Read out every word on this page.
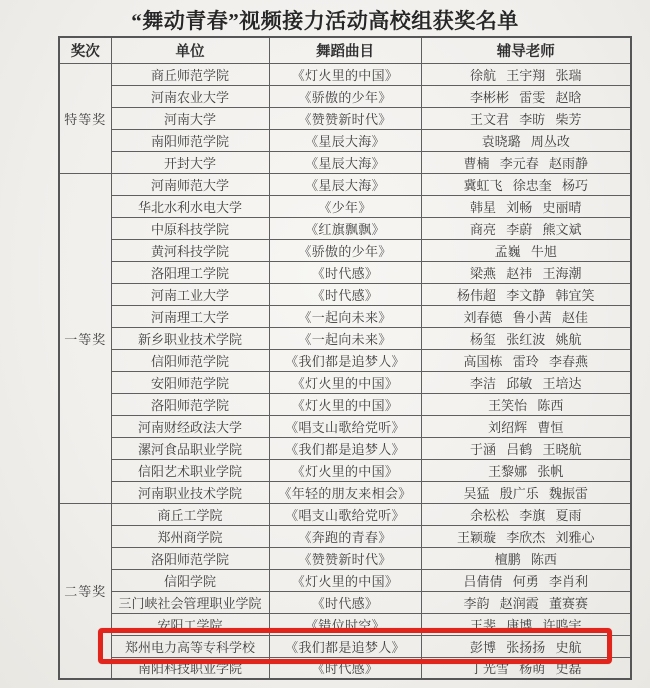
“舞动青春”视频接力活动高校组获奖名单
奖次	单位	舞蹈曲目	辅导老师
特等奖	商丘师范学院	《灯火里的中国》	徐航 王宇翔 张瑞
	河南农业大学	《骄傲的少年》	李彬彬 雷雯 赵晗
	河南大学	《赞赞新时代》	王文君 李昉 柴芳
	南阳师范学院	《星辰大海》	袁晓璐 周丛改
	开封大学	《星辰大海》	曹楠 李元春 赵雨静
一等奖	河南师范大学	《星辰大海》	冀虹飞 徐忠奎 杨巧
	华北水利水电大学	《少年》	韩星 刘畅 史丽晴
	中原科技学院	《红旗飘飘》	商亮 李蔚 熊文斌
	黄河科技学院	《骄傲的少年》	孟巍 牛旭
	洛阳理工学院	《时代感》	梁燕 赵祎 王海潮
	河南工业大学	《时代感》	杨伟超 李文静 韩宜笑
	河南理工大学	《一起向未来》	刘春德 鲁小茜 赵佳
	新乡职业技术学院	《一起向未来》	杨玺 张红波 姚航
	信阳师范学院	《我们都是追梦人》	高国栋 雷玲 李春燕
	安阳师范学院	《灯火里的中国》	李洁 邱敏 王培达
	洛阳师范学院	《灯火里的中国》	王笑怡 陈西
	河南财经政法大学	《唱支山歌给党听》	刘绍辉 曹恒
	漯河食品职业学院	《我们都是追梦人》	于涵 吕鹤 王晓航
	信阳艺术职业学院	《灯火里的中国》	王黎娜 张帆
	河南职业技术学院	《年轻的朋友来相会》	吴猛 殷广乐 魏振雷
二等奖	商丘工学院	《唱支山歌给党听》	余松松 李旗 夏雨
	郑州商学院	《奔跑的青春》	王颖璇 李欣杰 刘雅心
	洛阳师范学院	《赞赞新时代》	檀鹏 陈西
	信阳学院	《灯火里的中国》	吕倩倩 何勇 李肖利
	三门峡社会管理职业学院	《时代感》	李韵 赵润霞 董赛赛
	安阳工学院	《错位时空》	王斐 康博 许鸣宇
	郑州电力高等专科学校	《我们都是追梦人》	彭博 张扬扬 史航
	南阳科技职业学院	《时代感》	丁光雪 杨萌 史磊
